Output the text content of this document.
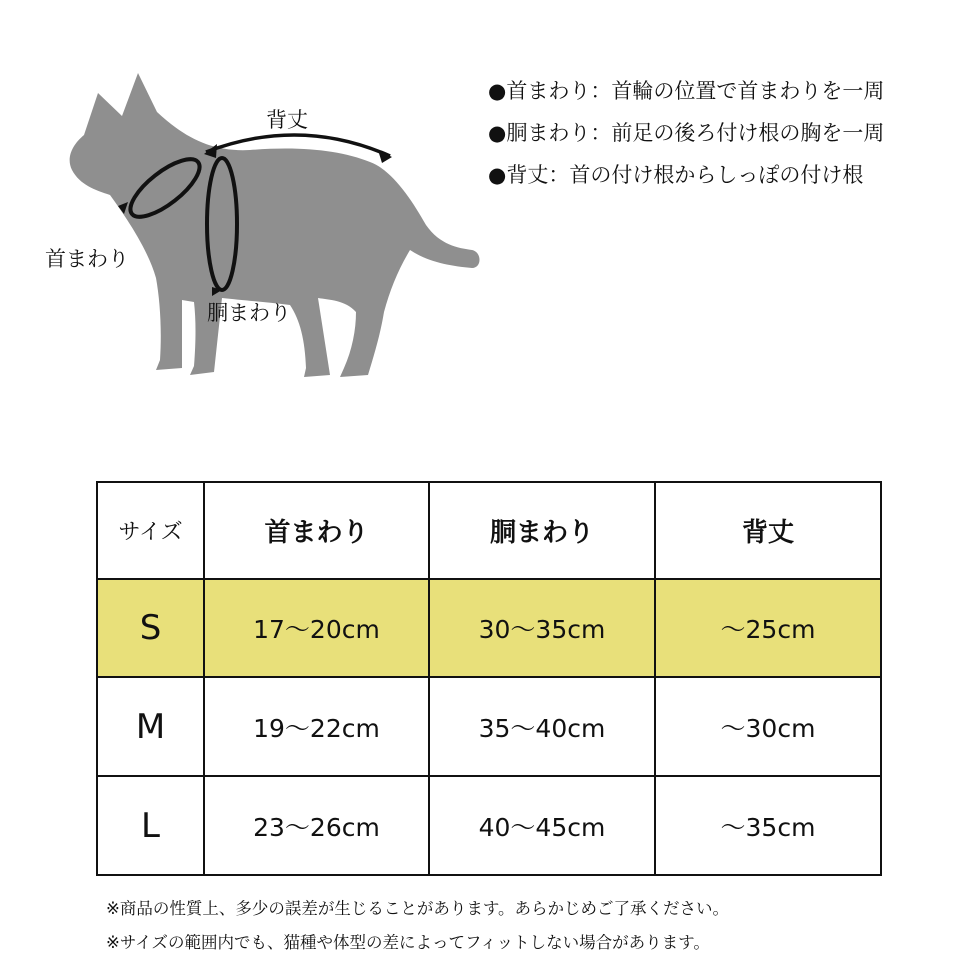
背丈
首まわり
胴まわり
●首まわり：首輪の位置で首まわりを一周
●胴まわり：前足の後ろ付け根の胸を一周
●背丈：首の付け根からしっぽの付け根
サイズ	首まわり	胴まわり	背丈
S	17〜20cm	30〜35cm	〜25cm
M	19〜22cm	35〜40cm	〜30cm
L	23〜26cm	40〜45cm	〜35cm
※商品の性質上、多少の誤差が生じることがあります。あらかじめご了承ください。
※サイズの範囲内でも、猫種や体型の差によってフィットしない場合があります。
